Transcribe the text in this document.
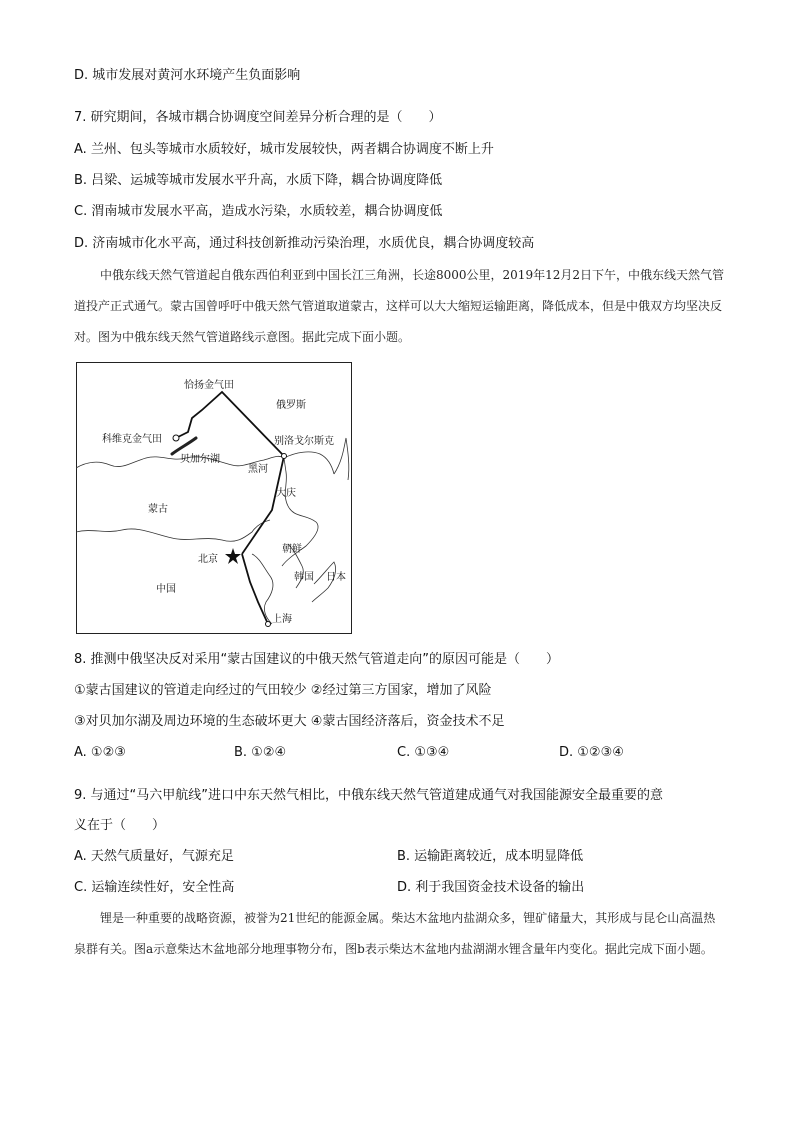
D. 城市发展对黄河水环境产生负面影响
7. 研究期间，各城市耦合协调度空间差异分析合理的是（　　）
A. 兰州、包头等城市水质较好，城市发展较快，两者耦合协调度不断上升
B. 吕梁、运城等城市发展水平升高，水质下降，耦合协调度降低
C. 渭南城市发展水平高，造成水污染，水质较差，耦合协调度低
D. 济南城市化水平高，通过科技创新推动污染治理，水质优良，耦合协调度较高
中俄东线天然气管道起自俄东西伯利亚到中国长江三角洲，长途8000公里，2019年12月2日下午，中俄东线天然气管道投产正式通气。蒙古国曾呼吁中俄天然气管道取道蒙古，这样可以大大缩短运输距离，降低成本，但是中俄双方均坚决反对。图为中俄东线天然气管道路线示意图。据此完成下面小题。
恰扬金气田
俄罗斯
科维克金气田	别洛戈尔斯克
贝加尔湖
黑河
大庆
蒙古
北京
朝鲜
韩国 日本
中国
上海
8. 推测中俄坚决反对采用“蒙古国建议的中俄天然气管道走向”的原因可能是（　　）
①蒙古国建议的管道走向经过的气田较少 ②经过第三方国家，增加了风险
③对贝加尔湖及周边环境的生态破坏更大 ④蒙古国经济落后，资金技术不足
A. ①②③	B. ①②④	C. ①③④	D. ①②③④
9. 与通过“马六甲航线”进口中东天然气相比，中俄东线天然气管道建成通气对我国能源安全最重要的意
义在于（　　）
A. 天然气质量好，气源充足	B. 运输距离较近，成本明显降低
C. 运输连续性好，安全性高	D. 利于我国资金技术设备的输出
锂是一种重要的战略资源，被誉为21世纪的能源金属。柴达木盆地内盐湖众多，锂矿储量大，其形成与昆仑山高温热泉群有关。图a示意柴达木盆地部分地理事物分布，图b表示柴达木盆地内盐湖湖水锂含量年内变化。据此完成下面小题。
